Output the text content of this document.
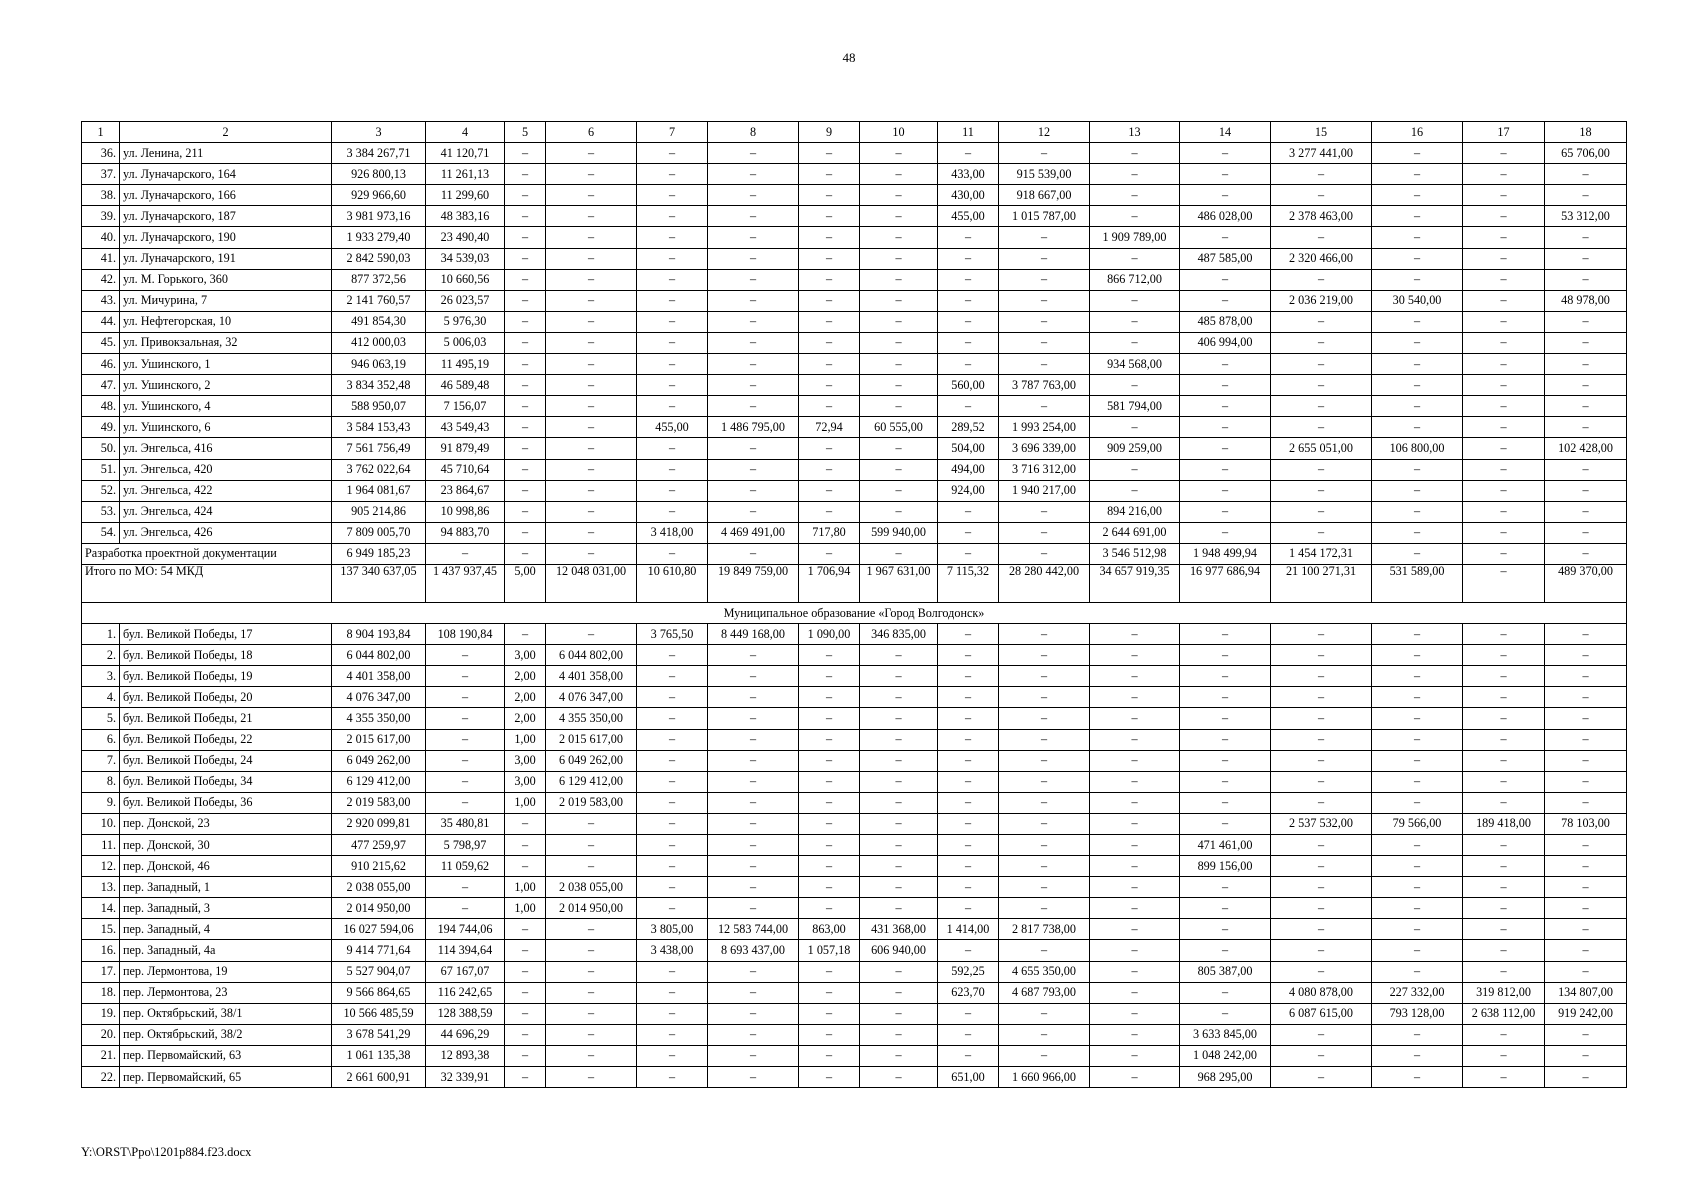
48
1	2	3	4	5	6	7	8	9	10	11	12	13	14	15	16	17	18
36.	ул. Ленина, 211	3 384 267,71	41 120,71	–	–	–	–	–	–	–	–	–	–	3 277 441,00	–	–	65 706,00
37.	ул. Луначарского, 164	926 800,13	11 261,13	–	–	–	–	–	–	433,00	915 539,00	–	–	–	–	–	–
38.	ул. Луначарского, 166	929 966,60	11 299,60	–	–	–	–	–	–	430,00	918 667,00	–	–	–	–	–	–
39.	ул. Луначарского, 187	3 981 973,16	48 383,16	–	–	–	–	–	–	455,00	1 015 787,00	–	486 028,00	2 378 463,00	–	–	53 312,00
40.	ул. Луначарского, 190	1 933 279,40	23 490,40	–	–	–	–	–	–	–	–	1 909 789,00	–	–	–	–	–
41.	ул. Луначарского, 191	2 842 590,03	34 539,03	–	–	–	–	–	–	–	–	–	487 585,00	2 320 466,00	–	–	–
42.	ул. М. Горького, 360	877 372,56	10 660,56	–	–	–	–	–	–	–	–	866 712,00	–	–	–	–	–
43.	ул. Мичурина, 7	2 141 760,57	26 023,57	–	–	–	–	–	–	–	–	–	–	2 036 219,00	30 540,00	–	48 978,00
44.	ул. Нефтегорская, 10	491 854,30	5 976,30	–	–	–	–	–	–	–	–	–	485 878,00	–	–	–	–
45.	ул. Привокзальная, 32	412 000,03	5 006,03	–	–	–	–	–	–	–	–	–	406 994,00	–	–	–	–
46.	ул. Ушинского, 1	946 063,19	11 495,19	–	–	–	–	–	–	–	–	934 568,00	–	–	–	–	–
47.	ул. Ушинского, 2	3 834 352,48	46 589,48	–	–	–	–	–	–	560,00	3 787 763,00	–	–	–	–	–	–
48.	ул. Ушинского, 4	588 950,07	7 156,07	–	–	–	–	–	–	–	–	581 794,00	–	–	–	–	–
49.	ул. Ушинского, 6	3 584 153,43	43 549,43	–	–	455,00	1 486 795,00	72,94	60 555,00	289,52	1 993 254,00	–	–	–	–	–	–
50.	ул. Энгельса, 416	7 561 756,49	91 879,49	–	–	–	–	–	–	504,00	3 696 339,00	909 259,00	–	2 655 051,00	106 800,00	–	102 428,00
51.	ул. Энгельса, 420	3 762 022,64	45 710,64	–	–	–	–	–	–	494,00	3 716 312,00	–	–	–	–	–	–
52.	ул. Энгельса, 422	1 964 081,67	23 864,67	–	–	–	–	–	–	924,00	1 940 217,00	–	–	–	–	–	–
53.	ул. Энгельса, 424	905 214,86	10 998,86	–	–	–	–	–	–	–	–	894 216,00	–	–	–	–	–
54.	ул. Энгельса, 426	7 809 005,70	94 883,70	–	–	3 418,00	4 469 491,00	717,80	599 940,00	–	–	2 644 691,00	–	–	–	–	–
Разработка проектной документации		6 949 185,23	–	–	–	–	–	–	–	–	–	3 546 512,98	1 948 499,94	1 454 172,31	–	–	–
Итого по МО: 54 МКД		137 340 637,05	1 437 937,45	5,00	12 048 031,00	10 610,80	19 849 759,00	1 706,94	1 967 631,00	7 115,32	28 280 442,00	34 657 919,35	16 977 686,94	21 100 271,31	531 589,00	–	489 370,00
Муниципальное образование «Город Волгодонск»																	
1.	бул. Великой Победы, 17	8 904 193,84	108 190,84	–	–	3 765,50	8 449 168,00	1 090,00	346 835,00	–	–	–	–	–	–	–	–
2.	бул. Великой Победы, 18	6 044 802,00	–	3,00	6 044 802,00	–	–	–	–	–	–	–	–	–	–	–	–
3.	бул. Великой Победы, 19	4 401 358,00	–	2,00	4 401 358,00	–	–	–	–	–	–	–	–	–	–	–	–
4.	бул. Великой Победы, 20	4 076 347,00	–	2,00	4 076 347,00	–	–	–	–	–	–	–	–	–	–	–	–
5.	бул. Великой Победы, 21	4 355 350,00	–	2,00	4 355 350,00	–	–	–	–	–	–	–	–	–	–	–	–
6.	бул. Великой Победы, 22	2 015 617,00	–	1,00	2 015 617,00	–	–	–	–	–	–	–	–	–	–	–	–
7.	бул. Великой Победы, 24	6 049 262,00	–	3,00	6 049 262,00	–	–	–	–	–	–	–	–	–	–	–	–
8.	бул. Великой Победы, 34	6 129 412,00	–	3,00	6 129 412,00	–	–	–	–	–	–	–	–	–	–	–	–
9.	бул. Великой Победы, 36	2 019 583,00	–	1,00	2 019 583,00	–	–	–	–	–	–	–	–	–	–	–	–
10.	пер. Донской, 23	2 920 099,81	35 480,81	–	–	–	–	–	–	–	–	–	–	2 537 532,00	79 566,00	189 418,00	78 103,00
11.	пер. Донской, 30	477 259,97	5 798,97	–	–	–	–	–	–	–	–	–	471 461,00	–	–	–	–
12.	пер. Донской, 46	910 215,62	11 059,62	–	–	–	–	–	–	–	–	–	899 156,00	–	–	–	–
13.	пер. Западный, 1	2 038 055,00	–	1,00	2 038 055,00	–	–	–	–	–	–	–	–	–	–	–	–
14.	пер. Западный, 3	2 014 950,00	–	1,00	2 014 950,00	–	–	–	–	–	–	–	–	–	–	–	–
15.	пер. Западный, 4	16 027 594,06	194 744,06	–	–	3 805,00	12 583 744,00	863,00	431 368,00	1 414,00	2 817 738,00	–	–	–	–	–	–
16.	пер. Западный, 4а	9 414 771,64	114 394,64	–	–	3 438,00	8 693 437,00	1 057,18	606 940,00	–	–	–	–	–	–	–	–
17.	пер. Лермонтова, 19	5 527 904,07	67 167,07	–	–	–	–	–	–	592,25	4 655 350,00	–	805 387,00	–	–	–	–
18.	пер. Лермонтова, 23	9 566 864,65	116 242,65	–	–	–	–	–	–	623,70	4 687 793,00	–	–	4 080 878,00	227 332,00	319 812,00	134 807,00
19.	пер. Октябрьский, 38/1	10 566 485,59	128 388,59	–	–	–	–	–	–	–	–	–	–	6 087 615,00	793 128,00	2 638 112,00	919 242,00
20.	пер. Октябрьский, 38/2	3 678 541,29	44 696,29	–	–	–	–	–	–	–	–	–	3 633 845,00	–	–	–	–
21.	пер. Первомайский, 63	1 061 135,38	12 893,38	–	–	–	–	–	–	–	–	–	1 048 242,00	–	–	–	–
22.	пер. Первомайский, 65	2 661 600,91	32 339,91	–	–	–	–	–	–	651,00	1 660 966,00	–	968 295,00	–	–	–	–
Y:\ORST\Ppo\1201p884.f23.docx
